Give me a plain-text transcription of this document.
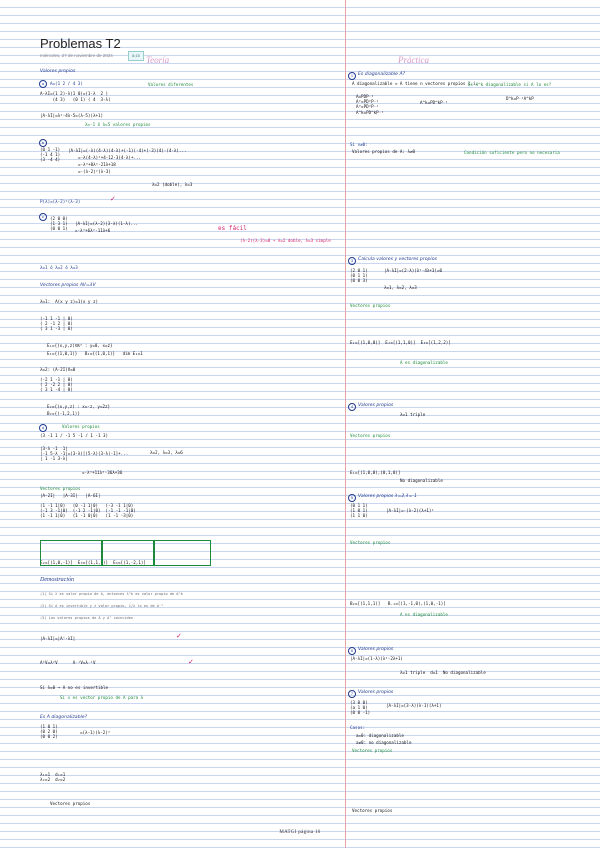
Problemas T2
miércoles, 27 de noviembre de 2024	8:15 Teoría	Práctica
Valores propios
a	A=(1 2 / 4 3)
A-λI=(1 2)-λ(1 0)=(1-λ  2 )
(4 3)   (0 1) ( 4  3-λ)
Valores diferentes
|A-λI|=λ²-4λ-5=(λ-5)(λ+1)
λ=-1 ó λ=5 valores propios
b
(0 1 -1)
(-1 4 1)
(3 -4 4)
|A-λI|=(-λ)(4-λ)(4-λ)+(-1)(-4)+(-3)(4)-(4-λ)...
=-λ(4-λ)²+4-12-3(4-λ)+...
=-λ³+8λ²-21λ+18
=-(λ-2)²(λ-3)
λ=2 (doble), λ=3
P(λ)=(λ-2)²(λ-3)	✓
c	(2 0 0)
(1 3 1)
(0 0 1)
|A-λI|=(λ-2)(3-λ)(1-λ)...
=-λ³+6λ²-11λ+6
λ=1 ó λ=2 ó λ=3
es fácil
(λ-2)(λ-3)=0 → λ=2 doble, λ=3 simple
Vectores propios AV=λV
λ=1:  A(x y z)=1(x y z)
(-1 1 -1 | 0)
( 2 -1 2 | 0)
( 3 1 -3 | 0)
E₁={(x,y,z)∈ℝ³ : y=0, x=z}
E₁={(1,0,1)}   B₁={(1,0,1)}   dim E₁=1
λ=2: (A-2I)V=0
(-2 1 -1 | 0)
( 2 -2 2 | 0)
( 3 1 -4 | 0)
E₂={(x,y,z) : x=-z, y=2z}
B₂={(-1,2,1)}
d	Valores propios
(3 -1 1 / -1 5 -1 / 1 -1 3)
|3-λ -1  1|
|-1 5-λ -1|=(3-λ)[(5-λ)(3-λ)-1]+...
| 1 -1 3-λ|
=-λ³+11λ²-36λ+36
λ=2, λ=3, λ=6
Vectores propios
|A-2I|   |A-3I|   |A-6I|
(1 -1 1|0)   (0 -1 1|0)   (-3 -1 1|0)
(-1 3 -1|0)  (-1 2 -1|0)  (-1 -1 -1|0)
(1 -1 1|0)   (1 -1 0|0)   (1 -1 -3|0)
E₂=[(1,0,-1)]  E₃=[(1,1,1)]  E₆=[(1,-2,1)]
Demostración
(1) Si λ es valor propio de A, entonces λ^k es valor propio de A^k
(2) Si A es invertible y λ valor propio, 1/λ lo es de A⁻¹
(3) Los valores propios de A y Aᵗ coinciden
|A-λI|=|Aᵗ-λI|	✓
A²V=λ²V      A⁻¹V=λ⁻¹V	✓
Si λ=0 → A no es invertible
Si v es vector propio de A para λ
Es A diagonalizable?
(1 0 1)
(0 2 0)
(0 0 2)
=(λ-1)(λ-2)²
λ₁=1  d₁=1
λ₂=2  d₂=2
Vectores propios
1	Es diagonalizable A?
A diagonalizable ⇔ A tiene n vectores propios l.i.
A=PDP⁻¹
A²=PD²P⁻¹
A³=PD³P⁻¹
A^k=PD^kP⁻¹
A^k=PD^kP⁻¹
Es A^k diagonalizable si A lo es?
D^k=P⁻¹A^kP
Si v≠0:
Valores propios de A: λ≠0	Condición suficiente pero no necesaria
3	Calcula valores y vectores propios
(2 0 1)
(0 1 1)
(0 0 3)
|A-λI|=(2-λ)(λ²-4λ+3)=0
λ=1, λ=2, λ=3
Vectores propios
E₁=[(1,0,0)]  E₂=[(1,1,0)]  E₃=[(1,2,2)]
A es diagonalizable
4	Valores propios
λ=1 triple
Vectores propios
E₁=[(1,0,0),(0,1,0)]
No diagonalizable
5	Valores propios λ=2,λ=-1
(0 1 1)
(1 0 1)
(1 1 0)
|A-λI|=-(λ-2)(λ+1)²
Vectores propios
B₂=[(1,1,1)]   B₋₁=[(1,-1,0),(1,0,-1)]
A es diagonalizable
6	Valores propios
|A-λI|=(1-λ)(λ²-2λ+1)
λ=1 triple  d=1  No diagonalizable
7	Valores propios
(3 0 0)
(a 1 0)
(0 0 -1)
|A-λI|=(3-λ)(λ-1)(λ+1)
Casos:
a=0: diagonalizable
a≠0: no diagonalizable
Vectores propios
Vectores propios
MATGI página 16
